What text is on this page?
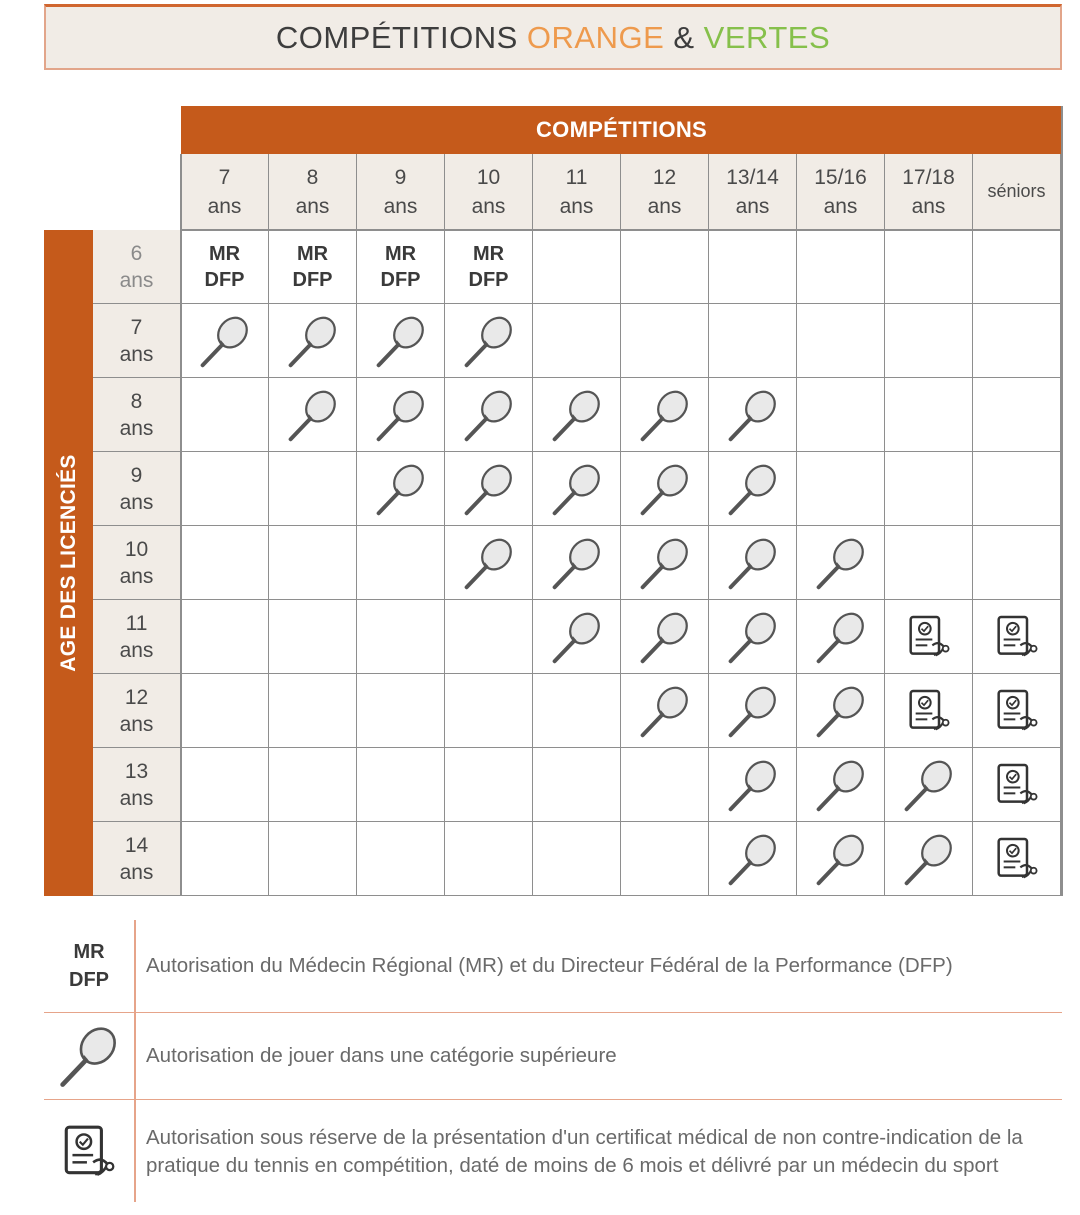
COMPÉTITIONS ORANGE & VERTES
COMPÉTITIONS
AGE DES LICENCIÉS
7
ans
8
ans
9
ans
10
ans
11
ans
12
ans
13/14
ans
15/16
ans
17/18
ans
séniors
6
ans
MR
DFP
MR
DFP
MR
DFP
MR
DFP
7
ans
8
ans
9
ans
10
ans
11
ans
12
ans
13
ans
14
ans
MR
DFP
Autorisation du Médecin Régional (MR) et du Directeur Fédéral de la Performance (DFP)
Autorisation de jouer dans une catégorie supérieure
Autorisation sous réserve de la présentation d'un certificat médical de non contre-indication de la pratique du tennis en compétition, daté de moins de 6 mois et délivré par un médecin du sport
